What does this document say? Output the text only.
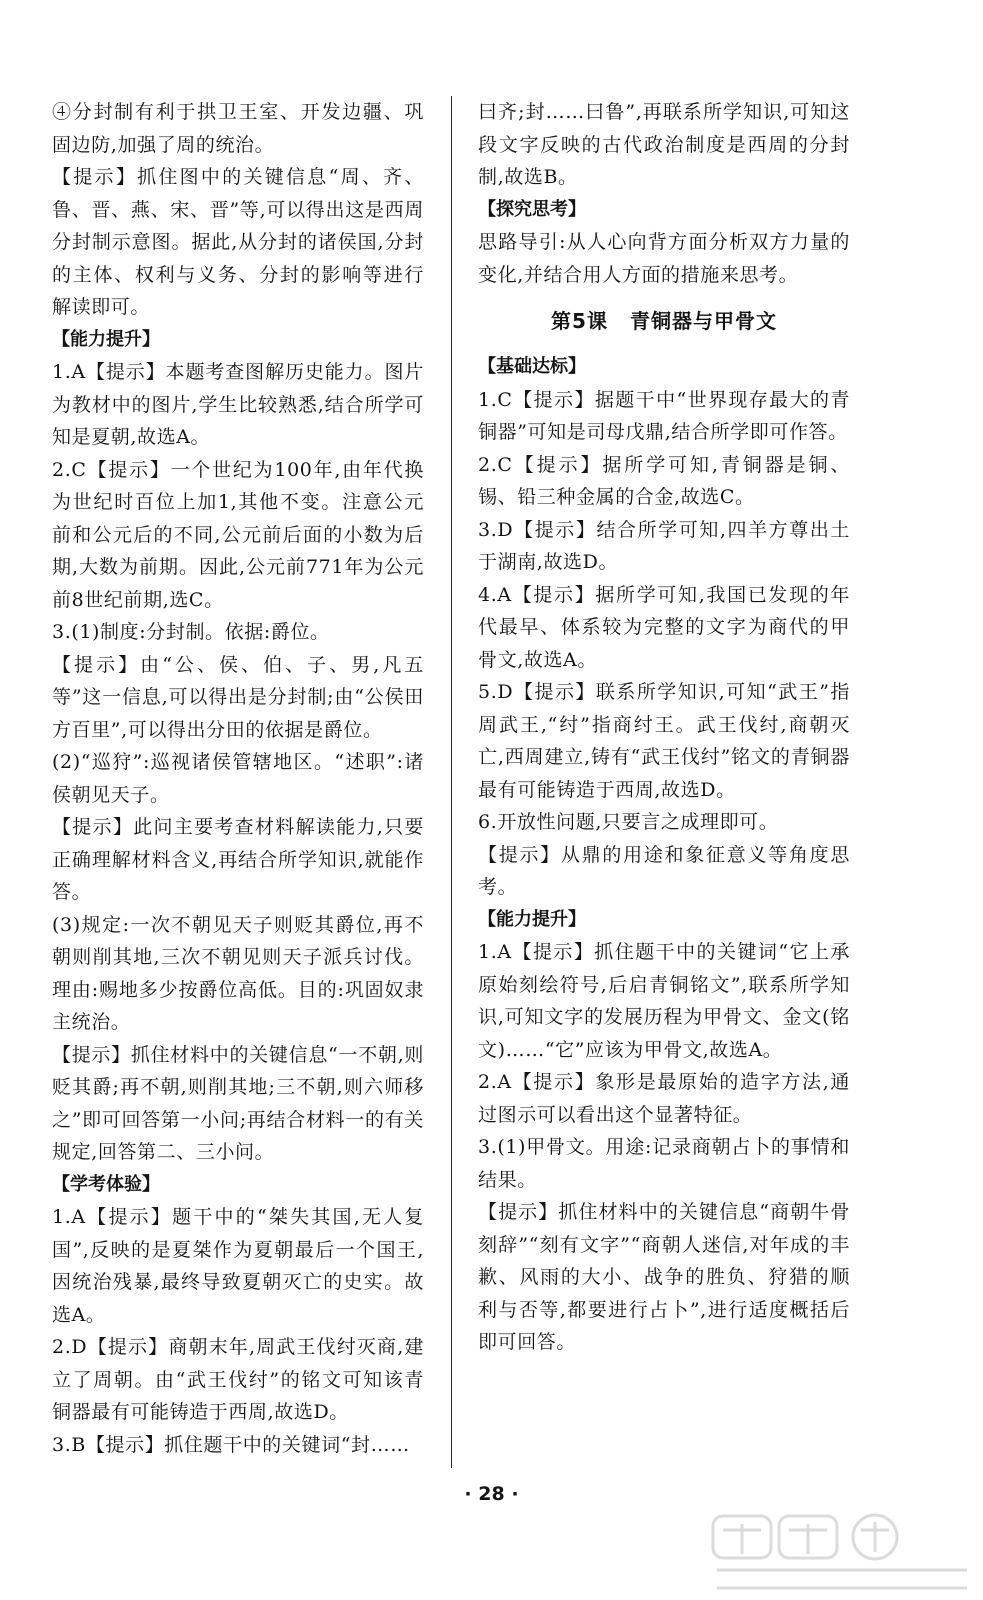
④分封制有利于拱卫王室、开发边疆、巩固边防,加强了周的统治。

【提示】抓住图中的关键信息“周、齐、鲁、晋、燕、宋、晋”等,可以得出这是西周分封制示意图。据此,从分封的诸侯国,分封的主体、权利与义务、分封的影响等进行解读即可。

【能力提升】

1.A【提示】本题考查图解历史能力。图片为教材中的图片,学生比较熟悉,结合所学可知是夏朝,故选A。

2.C【提示】一个世纪为100年,由年代换为世纪时百位上加1,其他不变。注意公元前和公元后的不同,公元前后面的小数为后期,大数为前期。因此,公元前771年为公元前8世纪前期,选C。

3.(1)制度:分封制。依据:爵位。

【提示】由“公、侯、伯、子、男,凡五等”这一信息,可以得出是分封制;由“公侯田方百里”,可以得出分田的依据是爵位。

(2)“巡狩”:巡视诸侯管辖地区。“述职”:诸侯朝见天子。

【提示】此问主要考查材料解读能力,只要正确理解材料含义,再结合所学知识,就能作答。

(3)规定:一次不朝见天子则贬其爵位,再不朝则削其地,三次不朝见则天子派兵讨伐。理由:赐地多少按爵位高低。目的:巩固奴隶主统治。

【提示】抓住材料中的关键信息“一不朝,则贬其爵;再不朝,则削其地;三不朝,则六师移之”即可回答第一小问;再结合材料一的有关规定,回答第二、三小问。

【学考体验】

1.A【提示】题干中的“桀失其国,无人复国”,反映的是夏桀作为夏朝最后一个国王,因统治残暴,最终导致夏朝灭亡的史实。故选A。

2.D【提示】商朝末年,周武王伐纣灭商,建立了周朝。由“武王伐纣”的铭文可知该青铜器最有可能铸造于西周,故选D。

3.B【提示】抓住题干中的关键词“封……

曰齐;封……曰鲁”,再联系所学知识,可知这段文字反映的古代政治制度是西周的分封制,故选B。

【探究思考】

思路导引:从人心向背方面分析双方力量的变化,并结合用人方面的措施来思考。

第5课 青铜器与甲骨文

【基础达标】

1.C【提示】据题干中“世界现存最大的青铜器”可知是司母戊鼎,结合所学即可作答。

2.C【提示】据所学可知,青铜器是铜、锡、铅三种金属的合金,故选C。

3.D【提示】结合所学可知,四羊方尊出土于湖南,故选D。

4.A【提示】据所学可知,我国已发现的年代最早、体系较为完整的文字为商代的甲骨文,故选A。

5.D【提示】联系所学知识,可知“武王”指周武王,“纣”指商纣王。武王伐纣,商朝灭亡,西周建立,铸有“武王伐纣”铭文的青铜器最有可能铸造于西周,故选D。

6.开放性问题,只要言之成理即可。

【提示】从鼎的用途和象征意义等角度思考。

【能力提升】

1.A【提示】抓住题干中的关键词“它上承原始刻绘符号,后启青铜铭文”,联系所学知识,可知文字的发展历程为甲骨文、金文(铭文)……“它”应该为甲骨文,故选A。

2.A【提示】象形是最原始的造字方法,通过图示可以看出这个显著特征。

3.(1)甲骨文。用途:记录商朝占卜的事情和结果。

【提示】抓住材料中的关键信息“商朝牛骨刻辞”“刻有文字”“商朝人迷信,对年成的丰歉、风雨的大小、战争的胜负、狩猎的顺利与否等,都要进行占卜”,进行适度概括后即可回答。

· 28 ·
